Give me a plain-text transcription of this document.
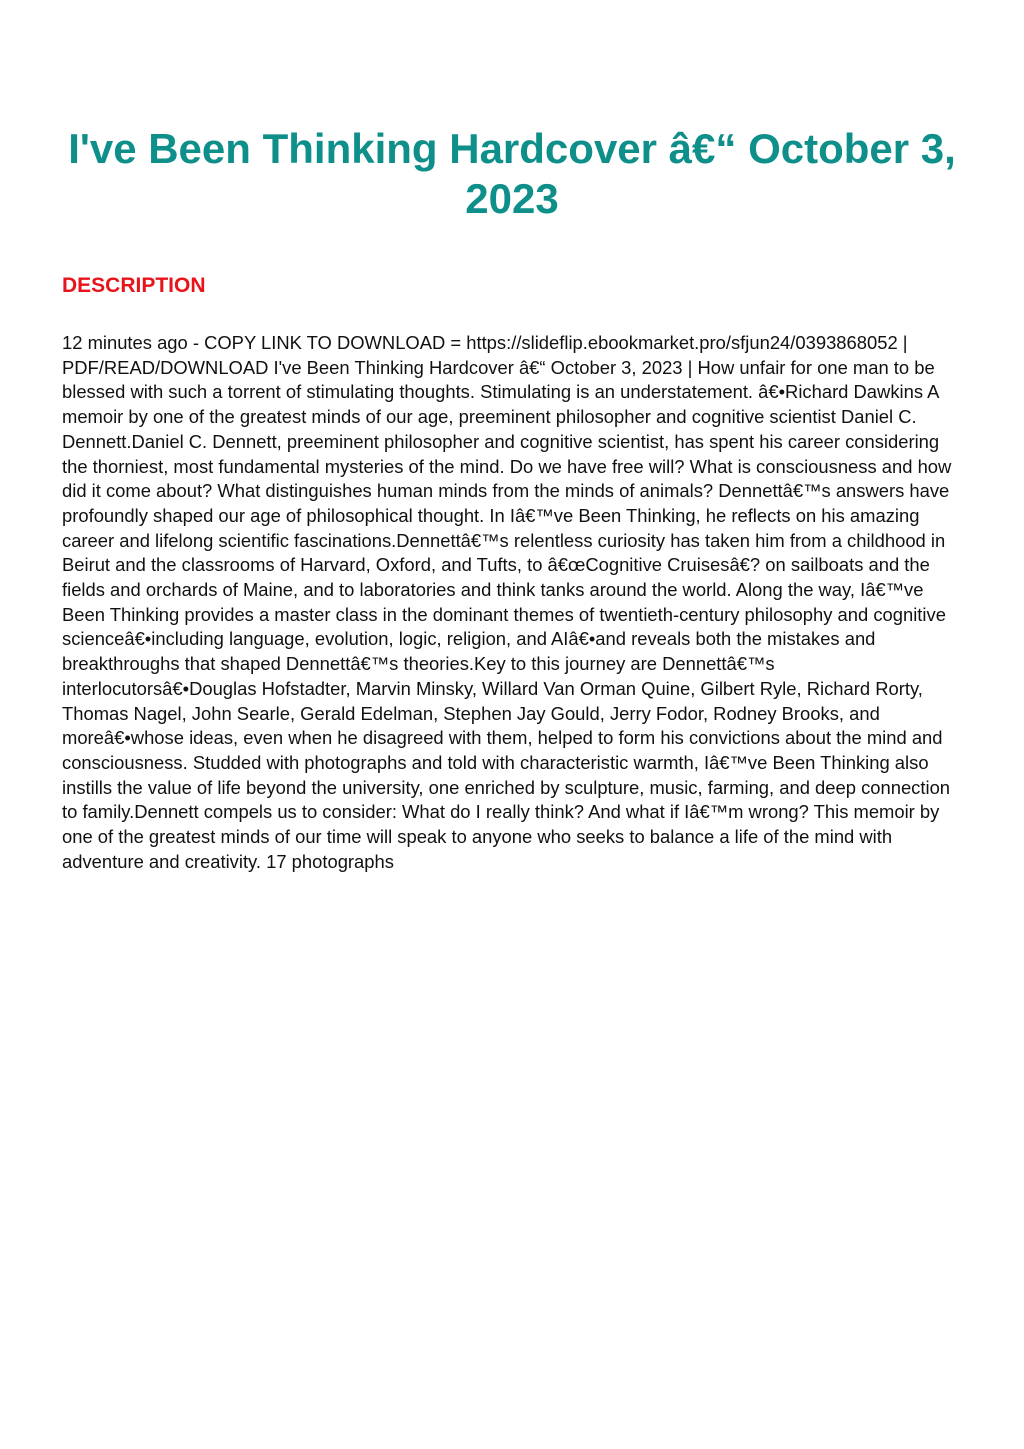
I've Been Thinking Hardcover â€“ October 3, 2023
DESCRIPTION

12 minutes ago - COPY LINK TO DOWNLOAD = https://slideflip.ebookmarket.pro/sfjun24/0393868052 | PDF/READ/DOWNLOAD I've Been Thinking Hardcover â€“ October 3, 2023 | How unfair for one man to be blessed with such a torrent of stimulating thoughts. Stimulating is an understatement. â€•Richard Dawkins A memoir by one of the greatest minds of our age, preeminent philosopher and cognitive scientist Daniel C. Dennett.Daniel C. Dennett, preeminent philosopher and cognitive scientist, has spent his career considering the thorniest, most fundamental mysteries of the mind. Do we have free will? What is consciousness and how did it come about? What distinguishes human minds from the minds of animals? Dennettâ€™s answers have profoundly shaped our age of philosophical thought. In Iâ€™ve Been Thinking, he reflects on his amazing career and lifelong scientific fascinations.Dennettâ€™s relentless curiosity has taken him from a childhood in Beirut and the classrooms of Harvard, Oxford, and Tufts, to â€œCognitive Cruisesâ€? on sailboats and the fields and orchards of Maine, and to laboratories and think tanks around the world. Along the way, Iâ€™ve Been Thinking provides a master class in the dominant themes of twentieth-century philosophy and cognitive scienceâ€•including language, evolution, logic, religion, and AIâ€•and reveals both the mistakes and breakthroughs that shaped Dennettâ€™s theories.Key to this journey are Dennettâ€™s interlocutorsâ€•Douglas Hofstadter, Marvin Minsky, Willard Van Orman Quine, Gilbert Ryle, Richard Rorty, Thomas Nagel, John Searle, Gerald Edelman, Stephen Jay Gould, Jerry Fodor, Rodney Brooks, and moreâ€•whose ideas, even when he disagreed with them, helped to form his convictions about the mind and consciousness. Studded with photographs and told with characteristic warmth, Iâ€™ve Been Thinking also instills the value of life beyond the university, one enriched by sculpture, music, farming, and deep connection to family.Dennett compels us to consider: What do I really think? And what if Iâ€™m wrong? This memoir by one of the greatest minds of our time will speak to anyone who seeks to balance a life of the mind with adventure and creativity. 17 photographs
